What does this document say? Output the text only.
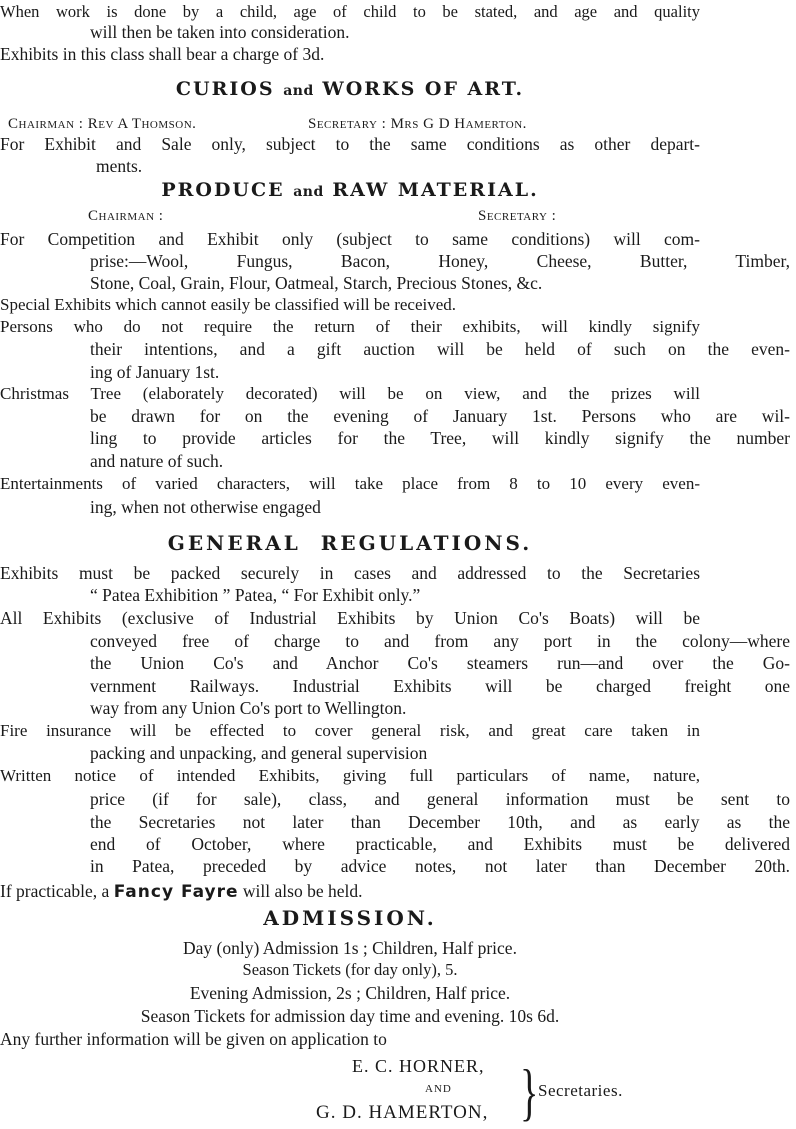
When work is done by a child, age of child to be stated, and age and quality
will then be taken into consideration.
Exhibits in this class shall bear a charge of 3d.
CURIOS and WORKS OF ART.
Chairman : Rev A Thomson.	Secretary : Mrs G D Hamerton.
For Exhibit and Sale only, subject to the same conditions as other depart-
ments.
PRODUCE and RAW MATERIAL.
Chairman :	Secretary :
For Competition and Exhibit only (subject to same conditions) will com-
prise:—Wool, Fungus, Bacon, Honey, Cheese, Butter, Timber,
Stone, Coal, Grain, Flour, Oatmeal, Starch, Precious Stones, &c.
Special Exhibits which cannot easily be classified will be received.
Persons who do not require the return of their exhibits, will kindly signify
their intentions, and a gift auction will be held of such on the even-
ing of January 1st.
Christmas Tree (elaborately decorated) will be on view, and the prizes will
be drawn for on the evening of January 1st. Persons who are wil-
ling to provide articles for the Tree, will kindly signify the number
and nature of such.
Entertainments of varied characters, will take place from 8 to 10 every even-
ing, when not otherwise engaged
GENERAL REGULATIONS.
Exhibits must be packed securely in cases and addressed to the Secretaries
“ Patea Exhibition ” Patea, “ For Exhibit only.”
All Exhibits (exclusive of Industrial Exhibits by Union Co's Boats) will be
conveyed free of charge to and from any port in the colony—where
the Union Co's and Anchor Co's steamers run—and over the Go-
vernment Railways. Industrial Exhibits will be charged freight one
way from any Union Co's port to Wellington.
Fire insurance will be effected to cover general risk, and great care taken in
packing and unpacking, and general supervision
Written notice of intended Exhibits, giving full particulars of name, nature,
price (if for sale), class, and general information must be sent to
the Secretaries not later than December 10th, and as early as the
end of October, where practicable, and Exhibits must be delivered
in Patea, preceded by advice notes, not later than December 20th.
If practicable, a Fancy Fayre will also be held.
ADMISSION.
Day (only) Admission 1s ; Children, Half price.
Season Tickets (for day only), 5.
Evening Admission, 2s ; Children, Half price.
Season Tickets for admission day time and evening. 10s 6d.
Any further information will be given on application to
E. C. HORNER,
AND
G. D. HAMERTON, } Secretaries.
